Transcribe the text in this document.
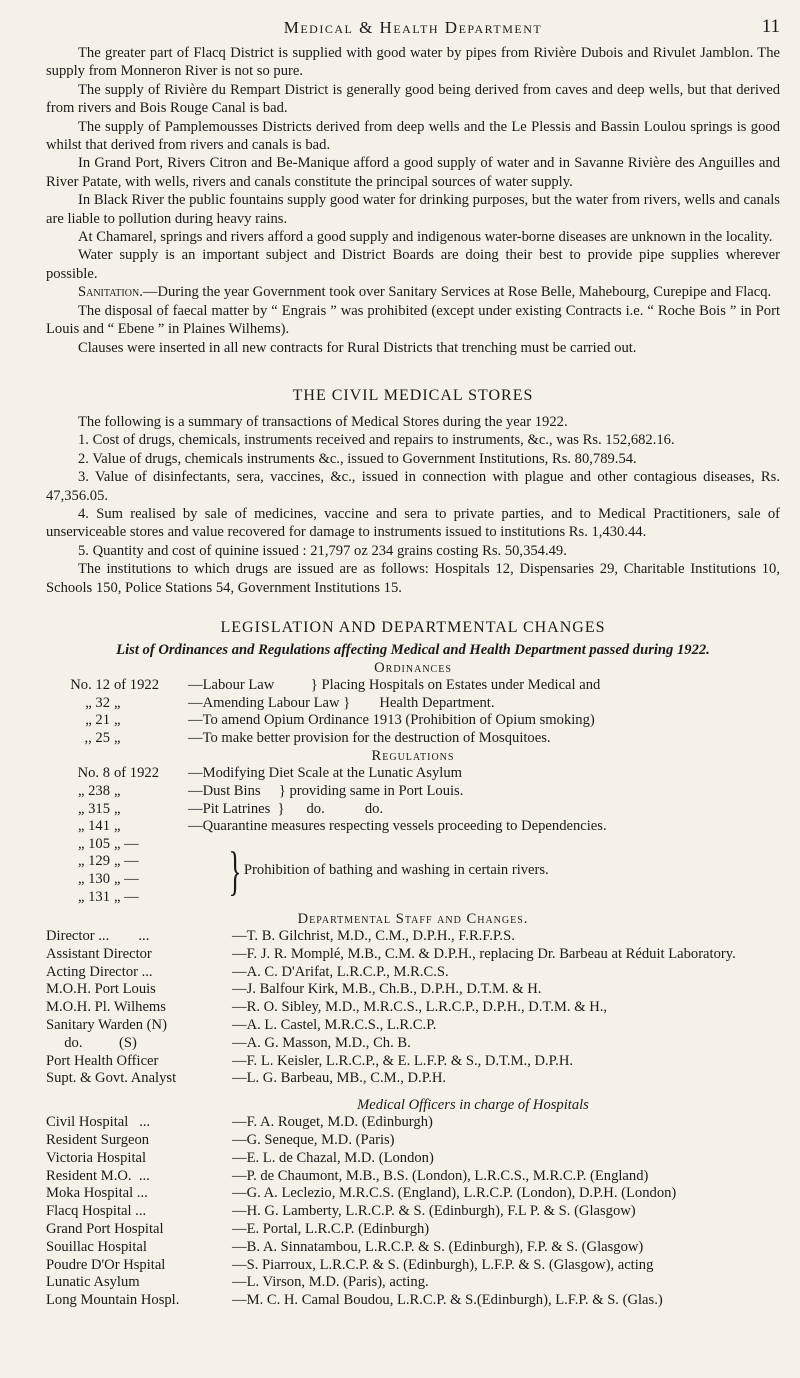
Medical & Health Department	11

The greater part of Flacq District is supplied with good water by pipes from Rivière Dubois and Rivulet Jamblon. The supply from Monneron River is not so pure.

The supply of Rivière du Rempart District is generally good being derived from caves and deep wells, but that derived from rivers and Bois Rouge Canal is bad.

The supply of Pamplemousses Districts derived from deep wells and the Le Plessis and Bassin Loulou springs is good whilst that derived from rivers and canals is bad.

In Grand Port, Rivers Citron and Be-Manique afford a good supply of water and in Savanne Rivière des Anguilles and River Patate, with wells, rivers and canals constitute the principal sources of water supply.

In Black River the public fountains supply good water for drinking purposes, but the water from rivers, wells and canals are liable to pollution during heavy rains.

At Chamarel, springs and rivers afford a good supply and indigenous water-borne diseases are unknown in the locality.

Water supply is an important subject and District Boards are doing their best to provide pipe supplies wherever possible.

Sanitation.—During the year Government took over Sanitary Services at Rose Belle, Mahebourg, Curepipe and Flacq.

The disposal of faecal matter by “ Engrais ” was prohibited (except under existing Contracts i.e. “ Roche Bois ” in Port Louis and “ Ebene ” in Plaines Wilhems).

Clauses were inserted in all new contracts for Rural Districts that trenching must be carried out.

THE CIVIL MEDICAL STORES

The following is a summary of transactions of Medical Stores during the year 1922.

1. Cost of drugs, chemicals, instruments received and repairs to instruments, &c., was Rs. 152,682.16.

2. Value of drugs, chemicals instruments &c., issued to Government Institutions, Rs. 80,789.54.

3. Value of disinfectants, sera, vaccines, &c., issued in connection with plague and other contagious diseases, Rs. 47,356.05.

4. Sum realised by sale of medicines, vaccine and sera to private parties, and to Medical Practitioners, sale of unserviceable stores and value recovered for damage to instruments issued to institutions Rs. 1,430.44.

5. Quantity and cost of quinine issued : 21,797 oz 234 grains costing Rs. 50,354.49.

The institutions to which drugs are issued are as follows: Hospitals 12, Dispensaries 29, Charitable Institutions 10, Schools 150, Police Stations 54, Government Institutions 15.

LEGISLATION AND DEPARTMENTAL CHANGES
List of Ordinances and Regulations affecting Medical and Health Department passed during 1922.
Ordinances
No. 12 of 1922	—Labour Law          } Placing Hospitals on Estates under Medical and
„ 32 „	—Amending Labour Law }        Health Department.
„ 21 „	—To amend Opium Ordinance 1913 (Prohibition of Opium smoking)
,, 25 „	—To make better provision for the destruction of Mosquitoes.
Regulations
No. 8 of 1922	—Modifying Diet Scale at the Lunatic Asylum
„ 238 „	—Dust Bins     } providing same in Port Louis.
„ 315 „	—Pit Latrines  }      do.           do.
„ 141 „	—Quarantine measures respecting vessels proceeding to Dependencies.
„ 105 „ —
„ 129 „ —
„ 130 „ —
„ 131 „ —	} Prohibition of bathing and washing in certain rivers.
Departmental Staff and Changes.
Director ...        ...	—T. B. Gilchrist, M.D., C.M., D.P.H., F.R.F.P.S.
Assistant Director	—F. J. R. Momplé, M.B., C.M. & D.P.H., replacing Dr. Barbeau at Réduit Laboratory.
Acting Director ...	—A. C. D'Arifat, L.R.C.P., M.R.C.S.
M.O.H. Port Louis	—J. Balfour Kirk, M.B., Ch.B., D.P.H., D.T.M. & H.
M.O.H. Pl. Wilhems	—R. O. Sibley, M.D., M.R.C.S., L.R.C.P., D.P.H., D.T.M. & H.,
Sanitary Warden (N)	—A. L. Castel, M.R.C.S., L.R.C.P.
do.          (S)	—A. G. Masson, M.D., Ch. B.
Port Health Officer	—F. L. Keisler, L.R.C.P., & E. L.F.P. & S., D.T.M., D.P.H.
Supt. & Govt. Analyst	—L. G. Barbeau, MB., C.M., D.P.H.
Medical Officers in charge of Hospitals
Civil Hospital   ...	—F. A. Rouget, M.D. (Edinburgh)
Resident Surgeon	—G. Seneque, M.D. (Paris)
Victoria Hospital	—E. L. de Chazal, M.D. (London)
Resident M.O.  ...	—P. de Chaumont, M.B., B.S. (London), L.R.C.S., M.R.C.P. (England)
Moka Hospital ...	—G. A. Leclezio, M.R.C.S. (England), L.R.C.P. (London), D.P.H. (London)
Flacq Hospital ...	—H. G. Lamberty, L.R.C.P. & S. (Edinburgh), F.L P. & S. (Glasgow)
Grand Port Hospital	—E. Portal, L.R.C.P. (Edinburgh)
Souillac Hospital	—B. A. Sinnatambou, L.R.C.P. & S. (Edinburgh), F.P. & S. (Glasgow)
Poudre D'Or Hspital	—S. Piarroux, L.R.C.P. & S. (Edinburgh), L.F.P. & S. (Glasgow), acting
Lunatic Asylum	—L. Virson, M.D. (Paris), acting.
Long Mountain Hospl.	—M. C. H. Camal Boudou, L.R.C.P. & S.(Edinburgh), L.F.P. & S. (Glas.)
